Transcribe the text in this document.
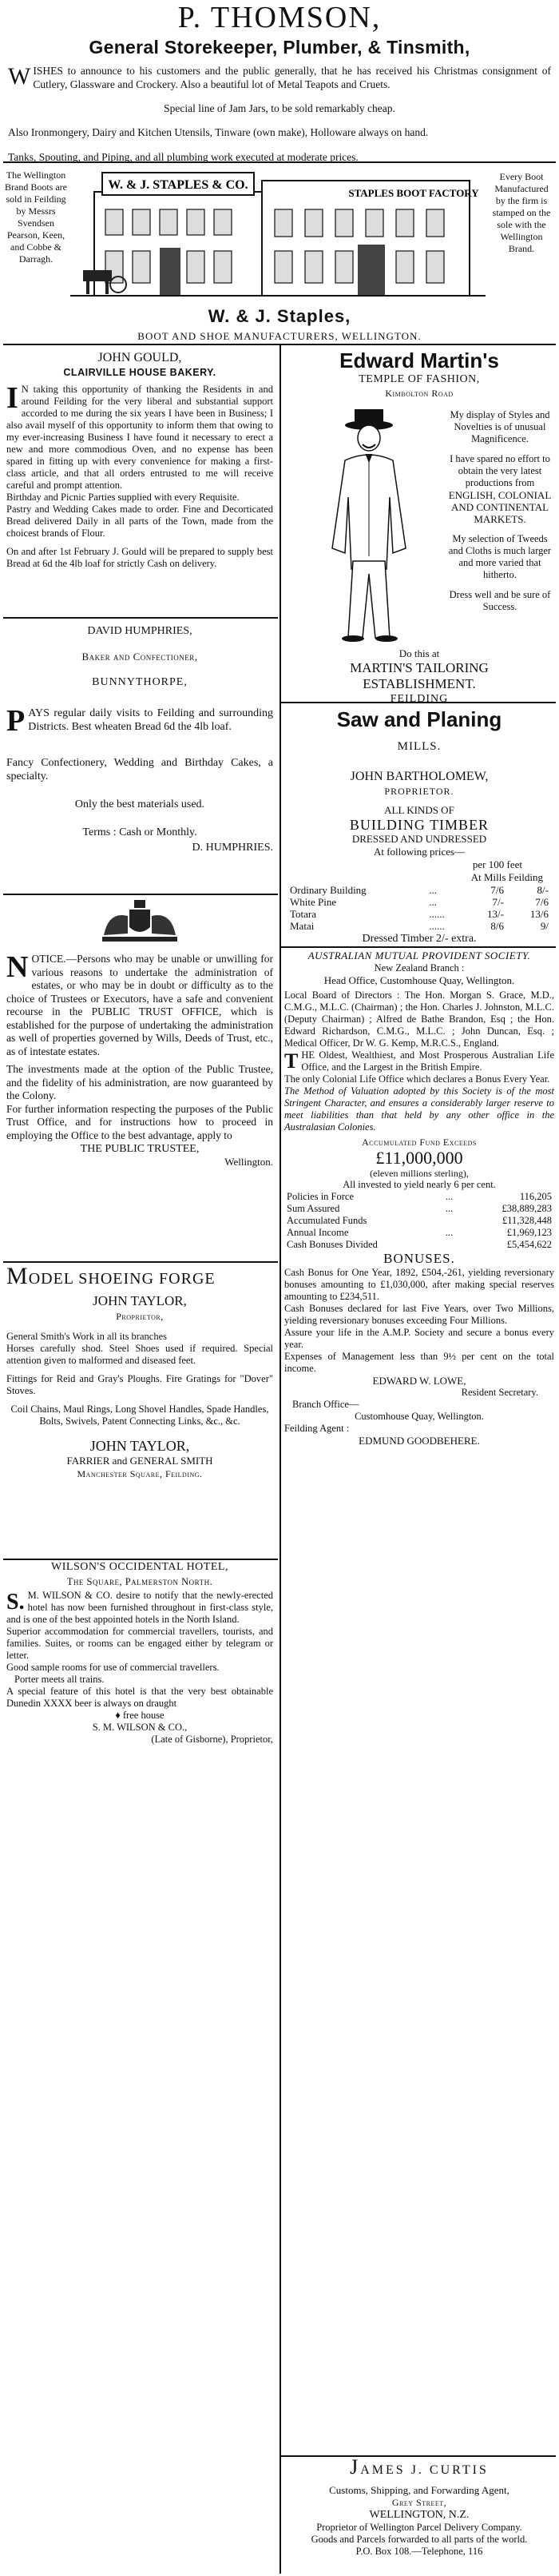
P. THOMSON,
General Storekeeper, Plumber, & Tinsmith,

WISHES to announce to his customers and the public generally, that he has received his Christmas consignment of Cutlery, Glassware and Crockery. Also a beautiful lot of Metal Teapots and Cruets.

Special line of Jam Jars, to be sold remarkably cheap.

Also Ironmongery, Dairy and Kitchen Utensils, Tinware (own make), Holloware always on hand.

Tanks, Spouting, and Piping, and all plumbing work executed at moderate prices.

The Wellington Brand Boots are sold in Feilding by Messrs Svendsen Pearson, Keen, and Cobbe & Darragh.
W. & J. STAPLES & CO.
STAPLES BOOT FACTORY
Every Boot Manufactured by the firm is stamped on the sole with the Wellington Brand.
W. & J. Staples,
BOOT AND SHOE MANUFACTURERS, WELLINGTON.
JOHN GOULD,
CLAIRVILLE HOUSE BAKERY.

I N taking this opportunity of thanking the Residents in and around Feilding for the very liberal and substantial support accorded to me during the six years I have been in Business; I also avail myself of this opportunity to inform them that owing to my ever-increasing Business I have found it necessary to erect a new and more commodious Oven, and no expense has been spared in fitting up with every convenience for making a first-class article, and that all orders entrusted to me will receive careful and prompt attention.

Birthday and Picnic Parties supplied with every Requisite.

Pastry and Wedding Cakes made to order. Fine and Decorticated Bread delivered Daily in all parts of the Town, made from the choicest brands of Flour.

On and after 1st February J. Gould will be prepared to supply best Bread at 6d the 4lb loaf for strictly Cash on delivery.

DAVID HUMPHRIES,
Baker and Confectioner,
BUNNYTHORPE,

PAYS regular daily visits to Feilding and surrounding Districts. Best wheaten Bread 6d the 4lb loaf.

Fancy Confectionery, Wedding and Birthday Cakes, a specialty.

Only the best materials used.

Terms : Cash or Monthly.

D. HUMPHRIES.

NOTICE.—Persons who may be unable or unwilling for various reasons to undertake the administration of estates, or who may be in doubt or difficulty as to the choice of Trustees or Executors, have a safe and convenient recourse in the PUBLIC TRUST OFFICE, which is established for the purpose of undertaking the administration as well of properties governed by Wills, Deeds of Trust, etc., as of intestate estates.

The investments made at the option of the Public Trustee, and the fidelity of his administration, are now guaranteed by the Colony.

For further information respecting the purposes of the Public Trust Office, and for instructions how to proceed in employing the Office to the best advantage, apply to

THE PUBLIC TRUSTEE,
Wellington.
MODEL SHOEING FORGE
JOHN TAYLOR,
Proprietor,

General Smith's Work in all its branches

Horses carefully shod. Steel Shoes used if required. Special attention given to malformed and diseased feet.

Fittings for Reid and Gray's Ploughs. Fire Gratings for "Dover" Stoves.

Coil Chains, Maul Rings, Long Shovel Handles, Spade Handles, Bolts, Swivels, Patent Connecting Links, &c., &c.

JOHN TAYLOR,
FARRIER and GENERAL SMITH
Manchester Square, Feilding.
WILSON'S OCCIDENTAL HOTEL,
The Square, Palmerston North.

S. M. WILSON & CO. desire to notify that the newly-erected hotel has now been furnished throughout in first-class style, and is one of the best appointed hotels in the North Island.

Superior accommodation for commercial travellers, tourists, and families. Suites, or rooms can be engaged either by telegram or letter.

Good sample rooms for use of commercial travellers.

Porter meets all trains.

A special feature of this hotel is that the very best obtainable Dunedin XXXX beer is always on draught

♦ free house

S. M. WILSON & CO.,

(Late of Gisborne), Proprietor,

Edward Martin's
TEMPLE OF FASHION,
Kimbolton Road
My display of Styles and Novelties is of unusual Magnificence.
I have spared no effort to obtain the very latest productions from
ENGLISH, COLONIAL AND CONTINENTAL MARKETS.
My selection of Tweeds and Cloths is much larger and more varied that hitherto.
Dress well and be sure of Success.
Do this at
MARTIN'S TAILORING ESTABLISHMENT.
FEILDING
Saw and Planing
MILLS.
JOHN BARTHOLOMEW,
PROPRIETOR.
ALL KINDS OF
BUILDING TIMBER
DRESSED AND UNDRESSED
At following prices—
per 100 feet
At Mills Feilding
Ordinary Building	...	7/6	8/-
White Pine	...	7/-	7/6
Totara	......	13/-	13/6
Matai	......	8/6	9/
Dressed Timber 2/- extra.
AUSTRALIAN MUTUAL PROVIDENT SOCIETY.
New Zealand Branch :
Head Office, Customhouse Quay, Wellington.

Local Board of Directors : The Hon. Morgan S. Grace, M.D., C.M.G., M.L.C. (Chairman) ; the Hon. Charles J. Johnston, M.L.C. (Deputy Chairman) ; Alfred de Bathe Brandon, Esq ; the Hon. Edward Richardson, C.M.G., M.L.C. ; John Duncan, Esq. ; Medical Officer, Dr W. G. Kemp, M.R.C.S., England.

THE Oldest, Wealthiest, and Most Prosperous Australian Life Office, and the Largest in the British Empire.

The only Colonial Life Office which declares a Bonus Every Year.

The Method of Valuation adopted by this Society is of the most Stringent Character, and ensures a considerably larger reserve to meet liabilities than that held by any other office in the Australasian Colonies.

Accumulated Fund Exceeds
£11,000,000
(eleven millions sterling),
All invested to yield nearly 6 per cent.
Policies in Force	...	116,205
Sum Assured	...	£38,889,283
Accumulated Funds		£11,328,448
Annual Income	...	£1,969,123
Cash Bonuses Divided		£5,454,622
BONUSES.

Cash Bonus for One Year, 1892, £504,-261, yielding reversionary bonuses amounting to £1,030,000, after making special reserves amounting to £234,511.

Cash Bonuses declared for last Five Years, over Two Millions, yielding reversionary bonuses exceeding Four Millions.

Assure your life in the A.M.P. Society and secure a bonus every year.

Expenses of Management less than 9½ per cent on the total income.

EDWARD W. LOWE,
Resident Secretary.
Branch Office—
Customhouse Quay, Wellington.
Feilding Agent :
EDMUND GOODBEHERE.
JAMES J. CURTIS
Customs, Shipping, and Forwarding Agent,
Grey Street,
WELLINGTON, N.Z.
Proprietor of Wellington Parcel Delivery Company.
Goods and Parcels forwarded to all parts of the world.
P.O. Box 108.—Telephone, 116
